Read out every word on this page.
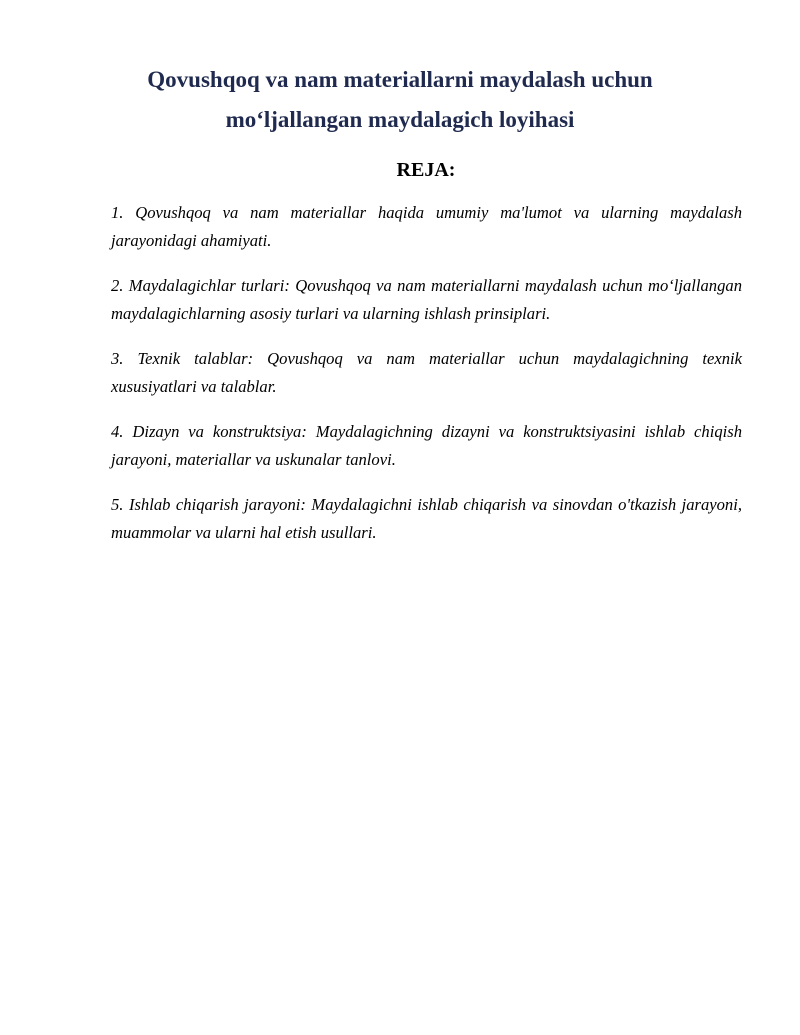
Qovushqoq va nam materiallarni maydalash uchun
mo‘ljallangan maydalagich loyihasi
REJA:
1. Qovushqoq va nam materiallar haqida umumiy ma'lumot va ularning maydalash jarayonidagi ahamiyati.
2. Maydalagichlar turlari: Qovushqoq va nam materiallarni maydalash uchun mo‘ljallangan maydalagichlarning asosiy turlari va ularning ishlash prinsiplari.
3. Texnik talablar: Qovushqoq va nam materiallar uchun maydalagichning texnik xususiyatlari va talablar.
4. Dizayn va konstruktsiya: Maydalagichning dizayni va konstruktsiyasini ishlab chiqish jarayoni, materiallar va uskunalar tanlovi.
5. Ishlab chiqarish jarayoni: Maydalagichni ishlab chiqarish va sinovdan o'tkazish jarayoni, muammolar va ularni hal etish usullari.
